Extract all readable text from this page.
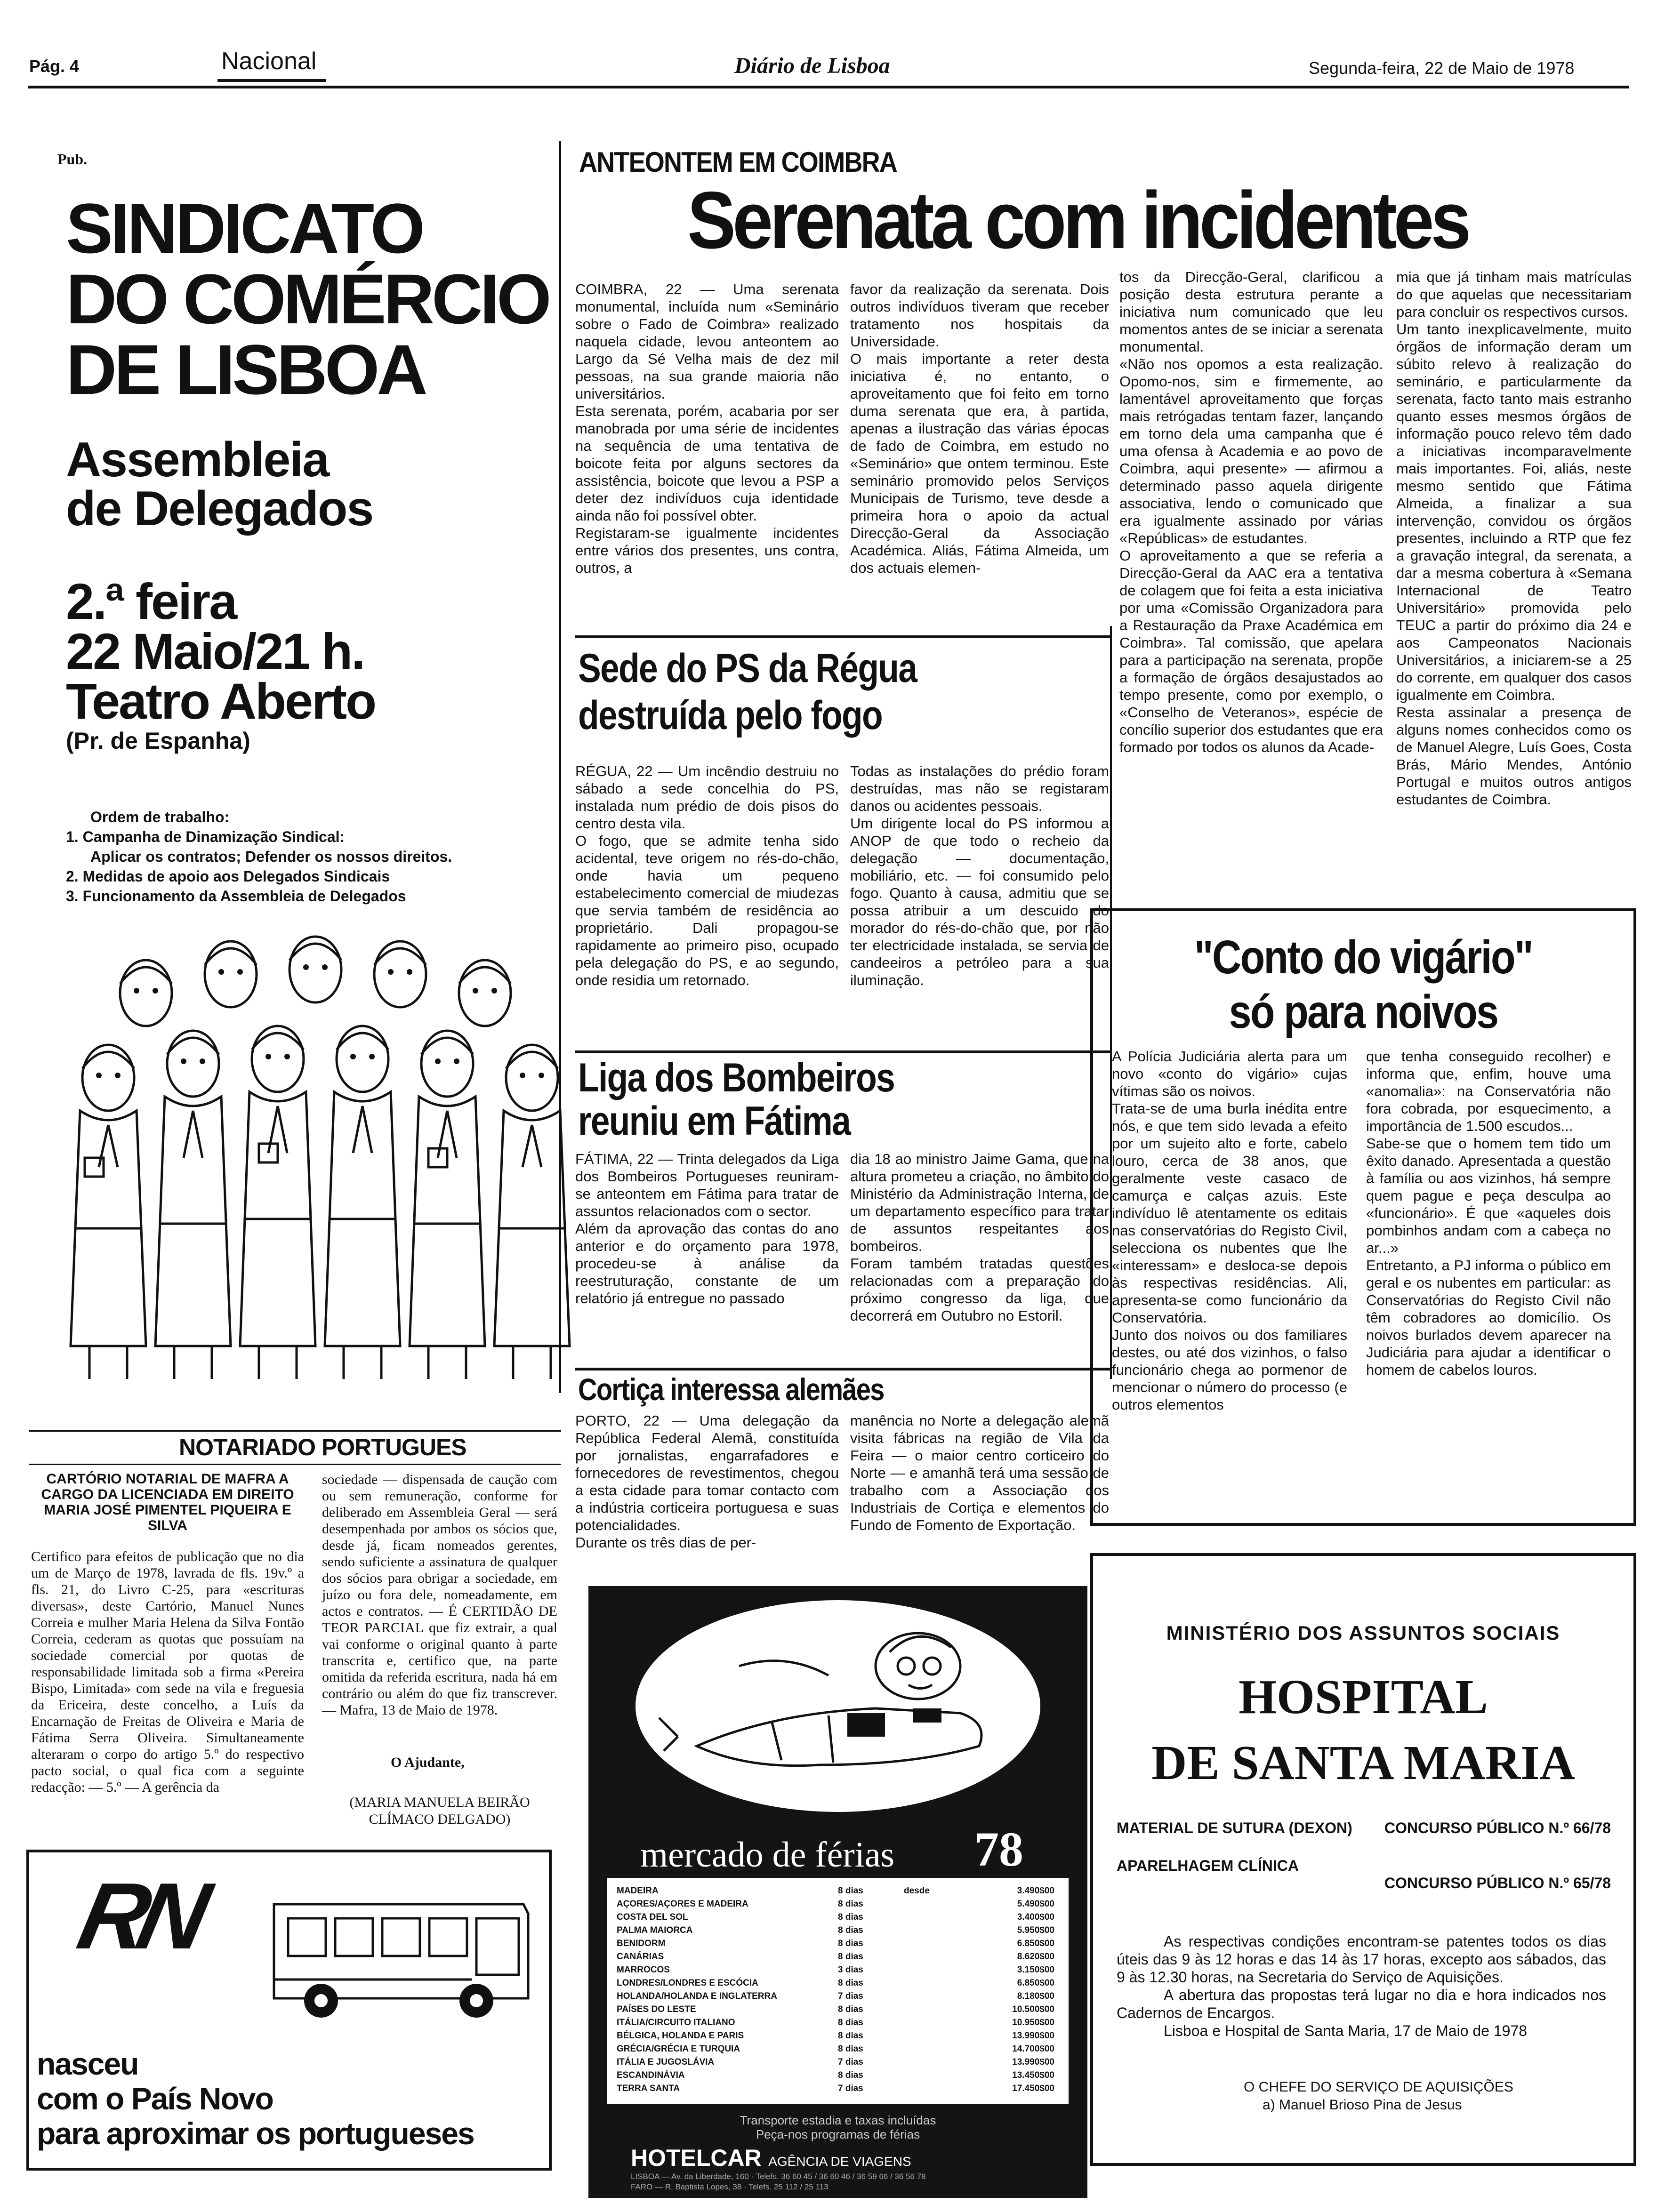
Pág. 4	Nacional	Diário de Lisboa	Segunda-feira, 22 de Maio de 1978
Pub.
SINDICATO
DO COMÉRCIO
DE LISBOA
Assembleia
de Delegados
2.ª feira
22 Maio/21 h.
Teatro Aberto
(Pr. de Espanha)
Ordem de trabalho:
1. Campanha de Dinamização Sindical:
Aplicar os contratos; Defender os nossos direitos.
2. Medidas de apoio aos Delegados Sindicais
3. Funcionamento da Assembleia de Delegados
NOTARIADO PORTUGUES
CARTÓRIO NOTARIAL DE MAFRA A CARGO DA LICENCIADA EM DIREITO MARIA JOSÉ PIMENTEL PIQUEIRA E SILVA
Certifico para efeitos de publicação que no dia um de Março de 1978, lavrada de fls. 19v.º a fls. 21, do Livro C-25, para «escrituras diversas», deste Cartório, Manuel Nunes Correia e mulher Maria Helena da Silva Fontão Correia, cederam as quotas que possuíam na sociedade comercial por quotas de responsabilidade limitada sob a firma «Pereira Bispo, Limitada» com sede na vila e freguesia da Ericeira, deste concelho, a Luís da Encarnação de Freitas de Oliveira e Maria de Fátima Serra Oliveira. Simultaneamente alteraram o corpo do artigo 5.º do respectivo pacto social, o qual fica com a seguinte redacção: — 5.º — A gerência da
sociedade — dispensada de caução com ou sem remuneração, conforme for deliberado em Assembleia Geral — será desempenhada por ambos os sócios que, desde já, ficam nomeados gerentes, sendo suficiente a assinatura de qualquer dos sócios para obrigar a sociedade, em juízo ou fora dele, nomeadamente, em actos e contratos. — É CERTIDÃO DE TEOR PARCIAL que fiz extrair, a qual vai conforme o original quanto à parte transcrita e, certifico que, na parte omitida da referida escritura, nada há em contrário ou além do que fiz transcrever. — Mafra, 13 de Maio de 1978.
O Ajudante,
(MARIA MANUELA BEIRÃO CLÍMACO DELGADO)
RN
nasceu
com o País Novo
para aproximar os portugueses
ANTEONTEM EM COIMBRA
Serenata com incidentes
COIMBRA, 22 — Uma serenata monumental, incluída num «Seminário sobre o Fado de Coimbra» realizado naquela cidade, levou anteontem ao Largo da Sé Velha mais de dez mil pessoas, na sua grande maioria não universitários.
Esta serenata, porém, acabaria por ser manobrada por uma série de incidentes na sequência de uma tentativa de boicote feita por alguns sectores da assistência, boicote que levou a PSP a deter dez indivíduos cuja identidade ainda não foi possível obter.
Registaram-se igualmente incidentes entre vários dos presentes, uns contra, outros, a
favor da realização da serenata. Dois outros indivíduos tiveram que receber tratamento nos hospitais da Universidade.
O mais importante a reter desta iniciativa é, no entanto, o aproveitamento que foi feito em torno duma serenata que era, à partida, apenas a ilustração das várias épocas de fado de Coimbra, em estudo no «Seminário» que ontem terminou. Este seminário promovido pelos Serviços Municipais de Turismo, teve desde a primeira hora o apoio da actual Direcção-Geral da Associação Académica. Aliás, Fátima Almeida, um dos actuais elemen-
tos da Direcção-Geral, clarificou a posição desta estrutura perante a iniciativa num comunicado que leu momentos antes de se iniciar a serenata monumental.
«Não nos opomos a esta realização. Opomo-nos, sim e firmemente, ao lamentável aproveitamento que forças mais retrógadas tentam fazer, lançando em torno dela uma campanha que é uma ofensa à Academia e ao povo de Coimbra, aqui presente» — afirmou a determinado passo aquela dirigente associativa, lendo o comunicado que era igualmente assinado por várias «Repúblicas» de estudantes.
O aproveitamento a que se referia a Direcção-Geral da AAC era a tentativa de colagem que foi feita a esta iniciativa por uma «Comissão Organizadora para a Restauração da Praxe Académica em Coimbra». Tal comissão, que apelara para a participação na serenata, propõe a formação de órgãos desajustados ao tempo presente, como por exemplo, o «Conselho de Veteranos», espécie de concílio superior dos estudantes que era formado por todos os alunos da Acade-
mia que já tinham mais matrículas do que aquelas que necessitariam para concluir os respectivos cursos.
Um tanto inexplicavelmente, muito órgãos de informação deram um súbito relevo à realização do seminário, e particularmente da serenata, facto tanto mais estranho quanto esses mesmos órgãos de informação pouco relevo têm dado a iniciativas incomparavelmente mais importantes. Foi, aliás, neste mesmo sentido que Fátima Almeida, a finalizar a sua intervenção, convidou os órgãos presentes, incluindo a RTP que fez a gravação integral, da serenata, a dar a mesma cobertura à «Semana Internacional de Teatro Universitário» promovida pelo TEUC a partir do próximo dia 24 e aos Campeonatos Nacionais Universitários, a iniciarem-se a 25 do corrente, em qualquer dos casos igualmente em Coimbra.
Resta assinalar a presença de alguns nomes conhecidos como os de Manuel Alegre, Luís Goes, Costa Brás, Mário Mendes, António Portugal e muitos outros antigos estudantes de Coimbra.
Sede do PS da Régua
destruída pelo fogo
RÉGUA, 22 — Um incêndio destruiu no sábado a sede concelhia do PS, instalada num prédio de dois pisos do centro desta vila.
O fogo, que se admite tenha sido acidental, teve origem no rés-do-chão, onde havia um pequeno estabelecimento comercial de miudezas que servia também de residência ao proprietário. Dali propagou-se rapidamente ao primeiro piso, ocupado pela delegação do PS, e ao segundo, onde residia um retornado.
Todas as instalações do prédio foram destruídas, mas não se registaram danos ou acidentes pessoais.
Um dirigente local do PS informou a ANOP de que todo o recheio da delegação — documentação, mobiliário, etc. — foi consumido pelo fogo. Quanto à causa, admitiu que se possa atribuir a um descuido do morador do rés-do-chão que, por não ter electricidade instalada, se servia de candeeiros a petróleo para a sua iluminação.
Liga dos Bombeiros
reuniu em Fátima
FÁTIMA, 22 — Trinta delegados da Liga dos Bombeiros Portugueses reuniram-se anteontem em Fátima para tratar de assuntos relacionados com o sector.
Além da aprovação das contas do ano anterior e do orçamento para 1978, procedeu-se à análise da reestruturação, constante de um relatório já entregue no passado
dia 18 ao ministro Jaime Gama, que na altura prometeu a criação, no âmbito do Ministério da Administração Interna, de um departamento específico para tratar de assuntos respeitantes aos bombeiros.
Foram também tratadas questões relacionadas com a preparação do próximo congresso da liga, que decorrerá em Outubro no Estoril.
Cortiça interessa alemães
PORTO, 22 — Uma delegação da República Federal Alemã, constituída por jornalistas, engarrafadores e fornecedores de revestimentos, chegou a esta cidade para tomar contacto com a indústria corticeira portuguesa e suas potencialidades.
Durante os três dias de per-
manência no Norte a delegação alemã visita fábricas na região de Vila da Feira — o maior centro corticeiro do Norte — e amanhã terá uma sessão de trabalho com a Associação dos Industriais de Cortiça e elementos do Fundo de Fomento de Exportação.
mercado de férias 78
MADEIRA	8 dias	desde	3.490$00
AÇORES/AÇORES E MADEIRA	8 dias	5.490$00
COSTA DEL SOL	8 dias	3.400$00
PALMA MAIORCA	8 dias	5.950$00
BENIDORM	8 dias	6.850$00
CANÁRIAS	8 dias	8.620$00
MARROCOS	3 dias	3.150$00
LONDRES/LONDRES E ESCÓCIA	8 dias	6.850$00
HOLANDA/HOLANDA E INGLATERRA	7 dias	8.180$00
PAÍSES DO LESTE	8 dias	10.500$00
ITÁLIA/CIRCUITO ITALIANO	8 dias	10.950$00
BÉLGICA, HOLANDA E PARIS	8 dias	13.990$00
GRÉCIA/GRÉCIA E TURQUIA	8 dias	14.700$00
ITÁLIA E JUGOSLÁVIA	7 dias	13.990$00
ESCANDINÁVIA	8 dias	13.450$00
TERRA SANTA	7 dias	17.450$00
Transporte estadia e taxas incluídas
Peça-nos programas de férias
HOTELCAR AGÊNCIA DE VIAGENS
LISBOA — Av. da Liberdade, 160 · Telefs. 36 60 45 / 36 60 46 / 36 59 66 / 36 56 78
FARO — R. Baptista Lopes, 38 · Telefs. 25 112 / 25 113
"Conto do vigário"
só para noivos
A Polícia Judiciária alerta para um novo «conto do vigário» cujas vítimas são os noivos.
Trata-se de uma burla inédita entre nós, e que tem sido levada a efeito por um sujeito alto e forte, cabelo louro, cerca de 38 anos, que geralmente veste casaco de camurça e calças azuis. Este indivíduo lê atentamente os editais nas conservatórias do Registo Civil, selecciona os nubentes que lhe «interessam» e desloca-se depois às respectivas residências. Ali, apresenta-se como funcionário da Conservatória.
Junto dos noivos ou dos familiares destes, ou até dos vizinhos, o falso funcionário chega ao pormenor de mencionar o número do processo (e outros elementos
que tenha conseguido recolher) e informa que, enfim, houve uma «anomalia»: na Conservatória não fora cobrada, por esquecimento, a importância de 1.500 escudos...
Sabe-se que o homem tem tido um êxito danado. Apresentada a questão à família ou aos vizinhos, há sempre quem pague e peça desculpa ao «funcionário». É que «aqueles dois pombinhos andam com a cabeça no ar...»
Entretanto, a PJ informa o público em geral e os nubentes em particular: as Conservatórias do Registo Civil não têm cobradores ao domicílio. Os noivos burlados devem aparecer na Judiciária para ajudar a identificar o homem de cabelos louros.
MINISTÉRIO DOS ASSUNTOS SOCIAIS
HOSPITAL
DE SANTA MARIA
MATERIAL DE SUTURA (DEXON) CONCURSO PÚBLICO N.º 66/78
APARELHAGEM CLÍNICA
CONCURSO PÚBLICO N.º 65/78

As respectivas condições encontram-se patentes todos os dias úteis das 9 às 12 horas e das 14 às 17 horas, excepto aos sábados, das 9 às 12.30 horas, na Secretaria do Serviço de Aquisições.

A abertura das propostas terá lugar no dia e hora indicados nos Cadernos de Encargos.

Lisboa e Hospital de Santa Maria, 17 de Maio de 1978

O CHEFE DO SERVIÇO DE AQUISIÇÕES
a) Manuel Brioso Pina de Jesus
